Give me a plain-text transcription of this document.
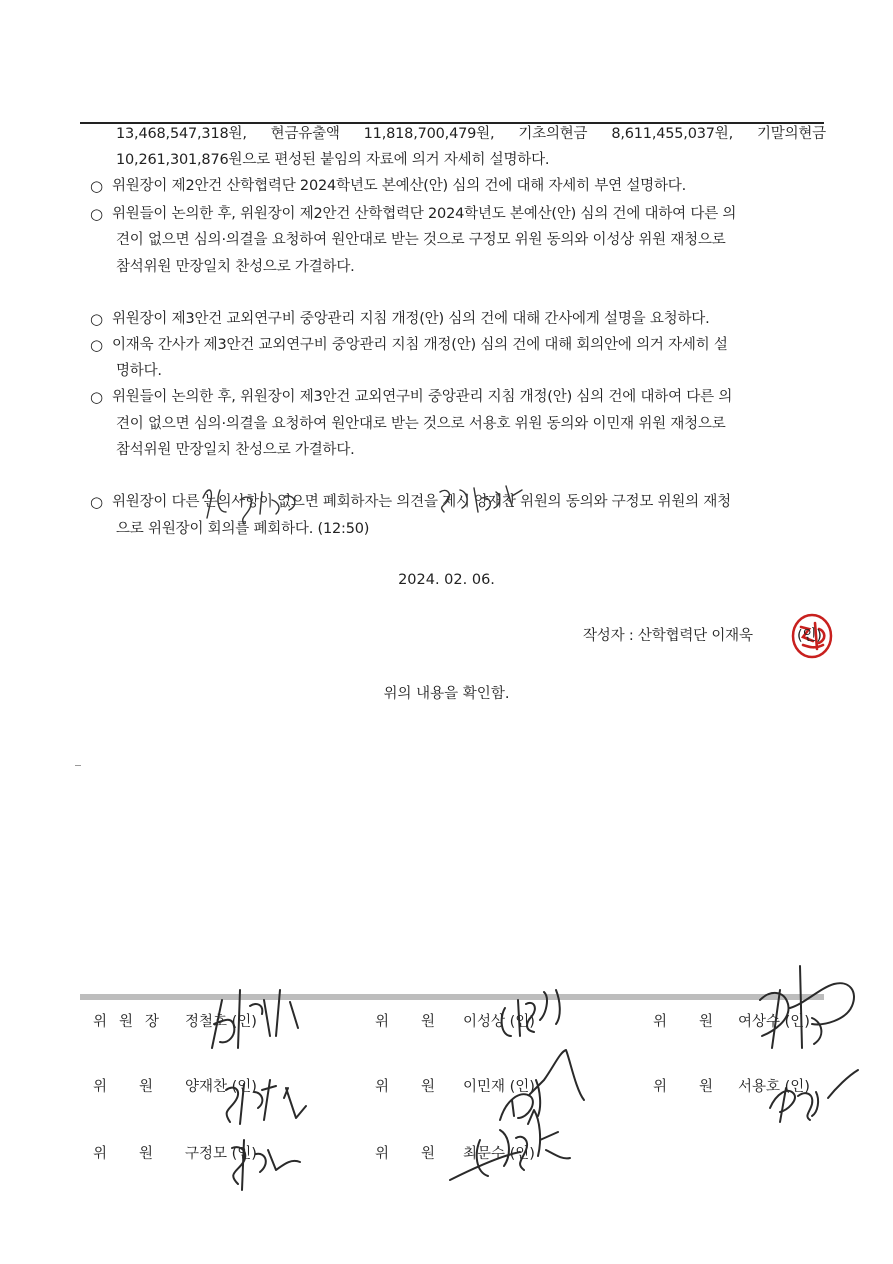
13,468,547,318원, 현금유출액 11,818,700,479원, 기초의현금 8,611,455,037원, 기말의현금
10,261,301,876원으로 편성된 붙임의 자료에 의거 자세히 설명하다.
○ 위원장이 제2안건 산학협력단 2024학년도 본예산(안) 심의 건에 대해 자세히 부연 설명하다.
○ 위원들이 논의한 후, 위원장이 제2안건 산학협력단 2024학년도 본예산(안) 심의 건에 대하여 다른 의
견이 없으면 심의·의결을 요청하여 원안대로 받는 것으로 구정모 위원 동의와 이성상 위원 재청으로
참석위원 만장일치 찬성으로 가결하다.
○ 위원장이 제3안건 교외연구비 중앙관리 지침 개정(안) 심의 건에 대해 간사에게 설명을 요청하다.
○ 이재욱 간사가 제3안건 교외연구비 중앙관리 지침 개정(안) 심의 건에 대해 회의안에 의거 자세히 설
명하다.
○ 위원들이 논의한 후, 위원장이 제3안건 교외연구비 중앙관리 지침 개정(안) 심의 건에 대하여 다른 의
견이 없으면 심의·의결을 요청하여 원안대로 받는 것으로 서용호 위원 동의와 이민재 위원 재청으로
참석위원 만장일치 찬성으로 가결하다.
○ 위원장이 다른 논의사항이 없으면 폐회하자는 의견을 제시 양재찬 위원의 동의와 구정모 위원의 재청
으로 위원장이 회의를 폐회하다. (12:50)
2024. 02. 06.
작성자 : 산학협력단 이재욱	(인)
위의 내용을 확인함.
위 원 장 정철호 (인)	위 원 이성상 (인)	위 원 여상수 (인)
위 원 양재찬 (인)	위 원 이민재 (인)	위 원 서용호 (인)
위 원 구정모 (인)	위 원 최문수 (인)
